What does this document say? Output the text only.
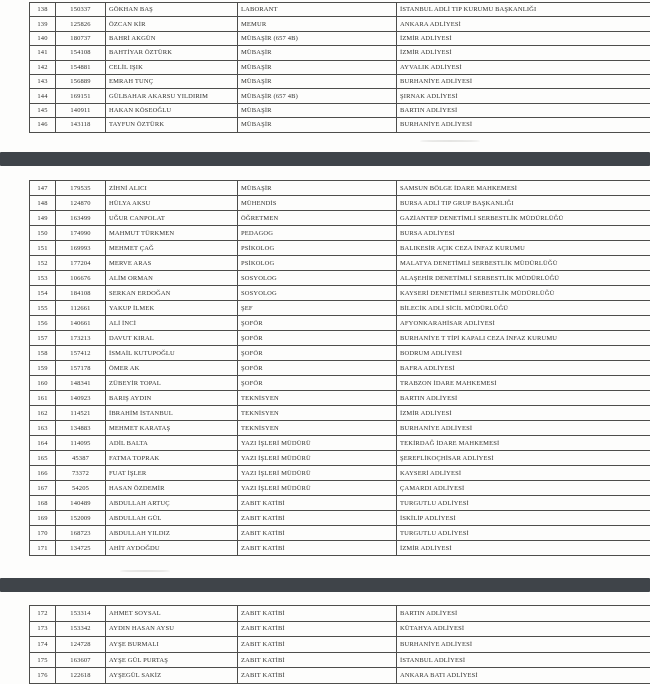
138	150337	GÖKHAN BAŞ	LABORANT	İSTANBUL ADLİ TIP KURUMU BAŞKANLIĞI
139	125826	ÖZCAN KİR	MEMUR	ANKARA ADLİYESİ
140	180737	BAHRİ AKGÜN	MÜBAŞİR (657 4B)	İZMİR ADLİYESİ
141	154108	BAHTİYAR ÖZTÜRK	MÜBAŞİR	İZMİR ADLİYESİ
142	154881	CELİL IŞIK	MÜBAŞİR	AYVALIK ADLİYESİ
143	156889	EMRAH TUNÇ	MÜBAŞİR	BURHANİYE ADLİYESİ
144	169151	GÜLBAHAR AKARSU YILDIRIM	MÜBAŞİR (657 4B)	ŞIRNAK ADLİYESİ
145	140911	HAKAN KÖSEOĞLU	MÜBAŞİR	BARTIN ADLİYESİ
146	143118	TAYFUN ÖZTÜRK	MÜBAŞİR	BURHANİYE ADLİYESİ
147	179535	ZİHNİ ALICI	MÜBAŞİR	SAMSUN BÖLGE İDARE MAHKEMESİ
148	124870	HÜLYA AKSU	MÜHENDİS	BURSA ADLİ TIP GRUP BAŞKANLIĞI
149	163499	UĞUR CANPOLAT	ÖĞRETMEN	GAZİANTEP DENETİMLİ SERBESTLİK MÜDÜRLÜĞÜ
150	174990	MAHMUT TÜRKMEN	PEDAGOG	BURSA ADLİYESİ
151	169993	MEHMET ÇAĞ	PSİKOLOG	BALIKESİR AÇIK CEZA İNFAZ KURUMU
152	177204	MERVE ARAS	PSİKOLOG	MALATYA DENETİMLİ SERBESTLİK MÜDÜRLÜĞÜ
153	106676	ALİM ORMAN	SOSYOLOG	ALAŞEHİR DENETİMLİ SERBESTLİK MÜDÜRLÜĞÜ
154	184108	SERKAN ERDOĞAN	SOSYOLOG	KAYSERİ DENETİMLİ SERBESTLİK MÜDÜRLÜĞÜ
155	112661	YAKUP İLMEK	ŞEF	BİLECİK ADLİ SİCİL MÜDÜRLÜĞÜ
156	140661	ALİ İNCİ	ŞOFÖR	AFYONKARAHİSAR ADLİYESİ
157	173213	DAVUT KIRAL	ŞOFÖR	BURHANİYE T TİPİ KAPALI CEZA İNFAZ KURUMU
158	157412	İSMAİL KUTUPOĞLU	ŞOFÖR	BODRUM ADLİYESİ
159	157178	ÖMER AK	ŞOFÖR	BAFRA ADLİYESİ
160	148341	ZÜBEYİR TOPAL	ŞOFÖR	TRABZON İDARE MAHKEMESİ
161	140923	BARIŞ AYDIN	TEKNİSYEN	BARTIN ADLİYESİ
162	114521	İBRAHİM İSTANBUL	TEKNİSYEN	İZMİR ADLİYESİ
163	134883	MEHMET KARATAŞ	TEKNİSYEN	BURHANİYE ADLİYESİ
164	114095	ADİL BALTA	YAZI İŞLERİ MÜDÜRÜ	TEKİRDAĞ İDARE MAHKEMESİ
165	45387	FATMA TOPRAK	YAZI İŞLERİ MÜDÜRÜ	ŞEREFLİKOÇHİSAR ADLİYESİ
166	73372	FUAT İŞLER	YAZI İŞLERİ MÜDÜRÜ	KAYSERİ ADLİYESİ
167	54205	HASAN ÖZDEMİR	YAZI İŞLERİ MÜDÜRÜ	ÇAMARDI ADLİYESİ
168	140489	ABDULLAH ARTUÇ	ZABIT KATİBİ	TURGUTLU ADLİYESİ
169	152009	ABDULLAH GÜL	ZABIT KATİBİ	İSKİLİP ADLİYESİ
170	168723	ABDULLAH YILDIZ	ZABIT KATİBİ	TURGUTLU ADLİYESİ
171	134725	AHİT AYDOĞDU	ZABIT KATİBİ	İZMİR ADLİYESİ
172	153314	AHMET SOYSAL	ZABIT KATİBİ	BARTIN ADLİYESİ
173	153342	AYDIN HASAN AYSU	ZABIT KATİBİ	KÜTAHYA ADLİYESİ
174	124728	AYŞE BURMALI	ZABIT KATİBİ	BURHANİYE ADLİYESİ
175	163607	AYŞE GÜL PURTAŞ	ZABIT KATİBİ	İSTANBUL ADLİYESİ
176	122618	AYŞEGÜL SAKİZ	ZABIT KATİBİ	ANKARA BATI ADLİYESİ
